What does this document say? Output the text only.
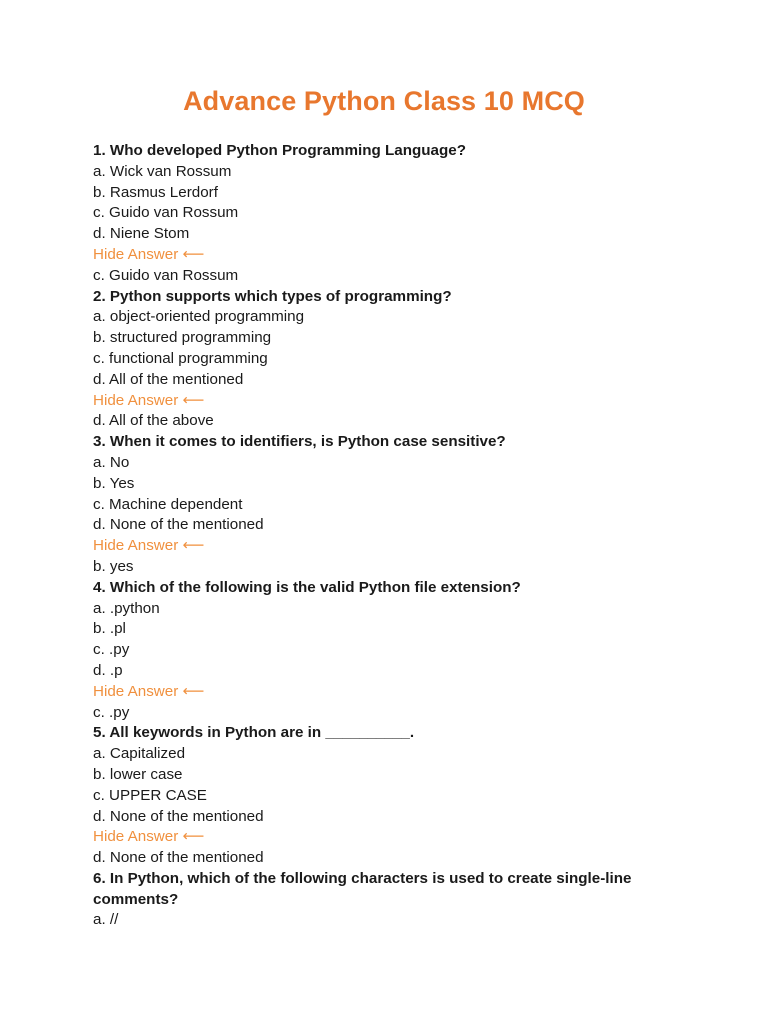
Advance Python Class 10 MCQ
1. Who developed Python Programming Language?
a. Wick van Rossum
b. Rasmus Lerdorf
c. Guido van Rossum
d. Niene Stom
Hide Answer ⟵
c. Guido van Rossum
2. Python supports which types of programming?
a. object-oriented programming
b. structured programming
c. functional programming
d. All of the mentioned
Hide Answer ⟵
d. All of the above
3. When it comes to identifiers, is Python case sensitive?
a. No
b. Yes
c. Machine dependent
d. None of the mentioned
Hide Answer ⟵
b. yes
4. Which of the following is the valid Python file extension?
a. .python
b. .pl
c. .py
d. .p
Hide Answer ⟵
c. .py
5. All keywords in Python are in __________.
a. Capitalized
b. lower case
c. UPPER CASE
d. None of the mentioned
Hide Answer ⟵
d. None of the mentioned
6. In Python, which of the following characters is used to create single-line comments?
a. //
